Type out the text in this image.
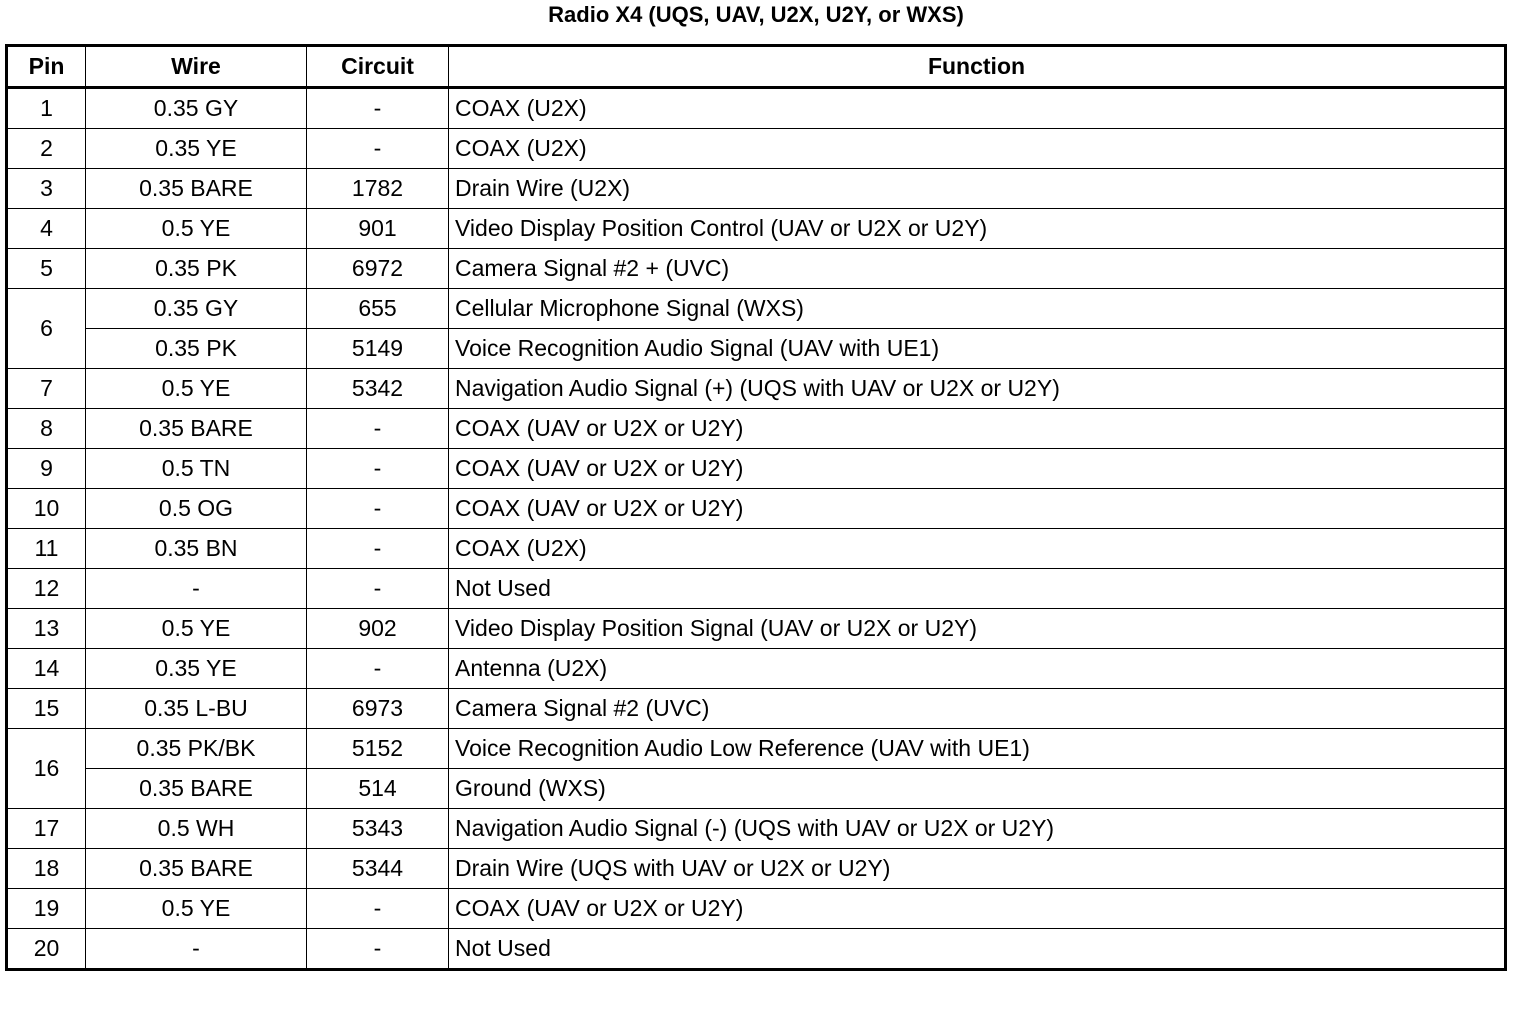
Radio X4 (UQS, UAV, U2X, U2Y, or WXS)
Pin	Wire	Circuit	Function
1	0.35 GY	-	COAX (U2X)
2	0.35 YE	-	COAX (U2X)
3	0.35 BARE	1782	Drain Wire (U2X)
4	0.5 YE	901	Video Display Position Control (UAV or U2X or U2Y)
5	0.35 PK	6972	Camera Signal #2 + (UVC)
6	0.35 GY	655	Cellular Microphone Signal (WXS)
	0.35 PK	5149	Voice Recognition Audio Signal (UAV with UE1)
7	0.5 YE	5342	Navigation Audio Signal (+) (UQS with UAV or U2X or U2Y)
8	0.35 BARE	-	COAX (UAV or U2X or U2Y)
9	0.5 TN	-	COAX (UAV or U2X or U2Y)
10	0.5 OG	-	COAX (UAV or U2X or U2Y)
11	0.35 BN	-	COAX (U2X)
12	-	-	Not Used
13	0.5 YE	902	Video Display Position Signal (UAV or U2X or U2Y)
14	0.35 YE	-	Antenna (U2X)
15	0.35 L-BU	6973	Camera Signal #2 (UVC)
16	0.35 PK/BK	5152	Voice Recognition Audio Low Reference (UAV with UE1)
	0.35 BARE	514	Ground (WXS)
17	0.5 WH	5343	Navigation Audio Signal (-) (UQS with UAV or U2X or U2Y)
18	0.35 BARE	5344	Drain Wire (UQS with UAV or U2X or U2Y)
19	0.5 YE	-	COAX (UAV or U2X or U2Y)
20	-	-	Not Used
